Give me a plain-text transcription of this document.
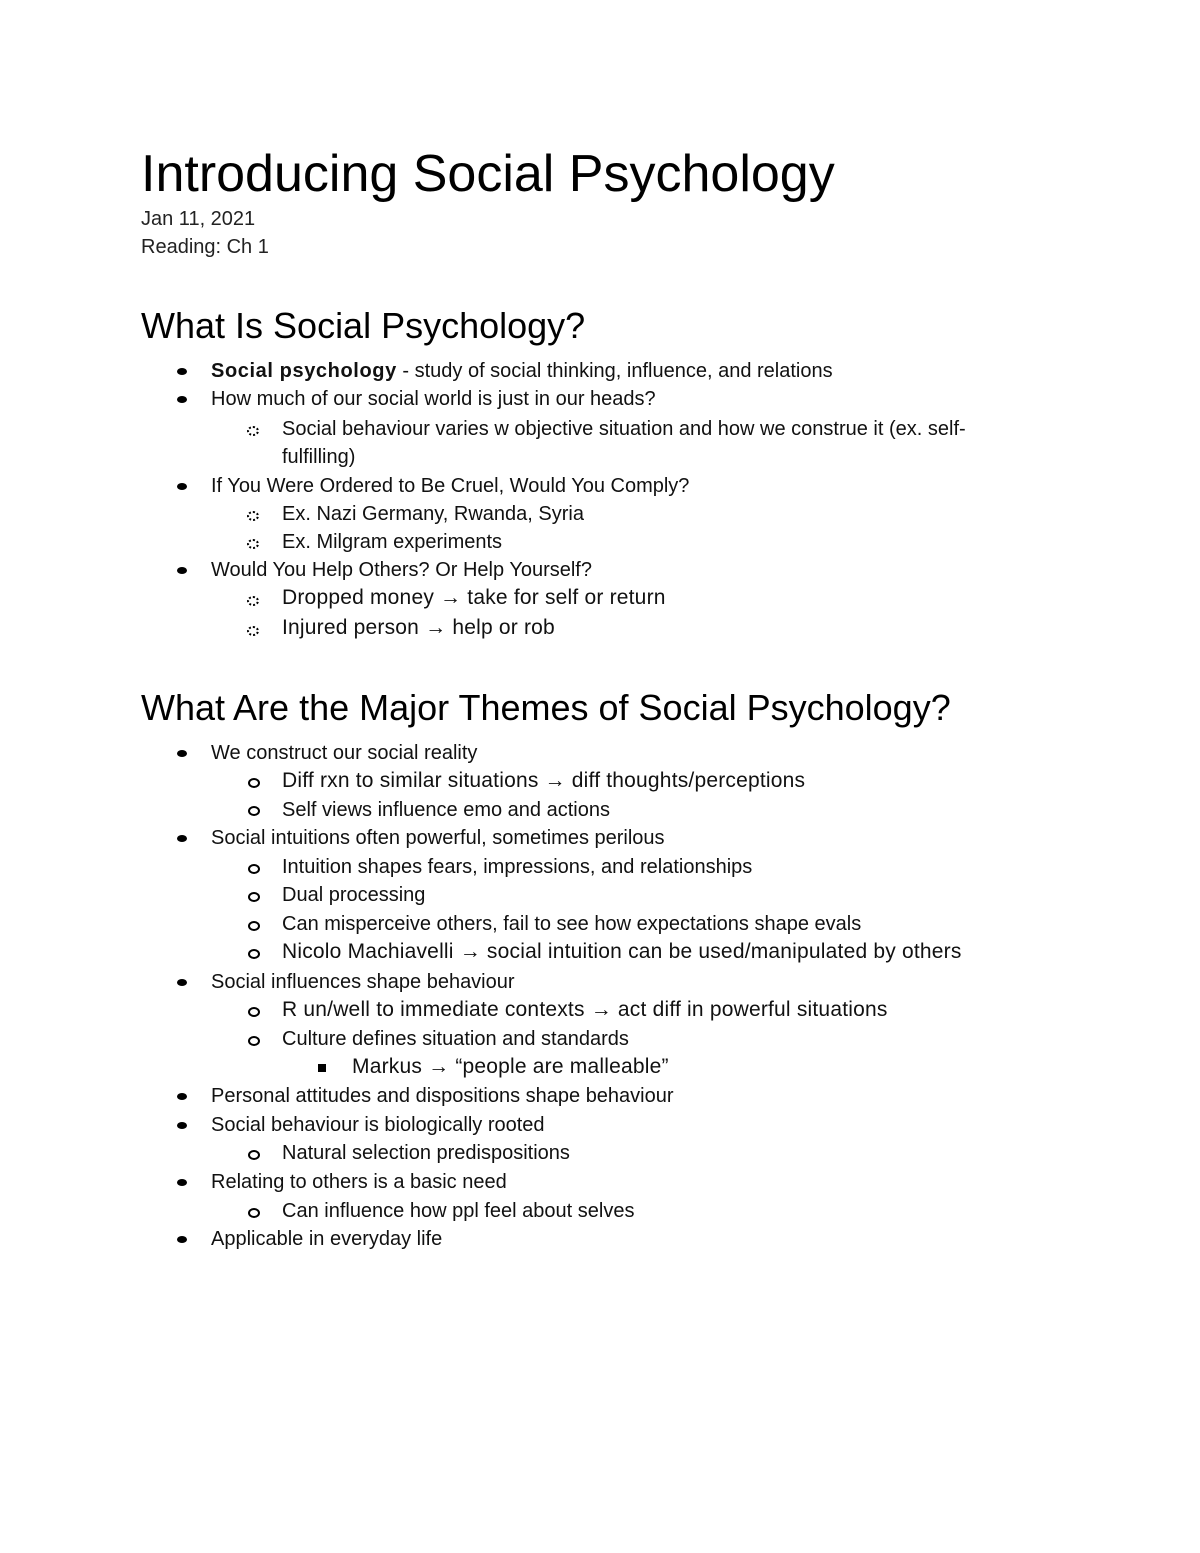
Introducing Social Psychology

Jan 11, 2021

Reading: Ch 1

What Is Social Psychology?
Social psychology - study of social thinking, influence, and relations
How much of our social world is just in our heads?
Social behaviour varies w objective situation and how we construe it (ex. self-
fulfilling)
If You Were Ordered to Be Cruel, Would You Comply?
Ex. Nazi Germany, Rwanda, Syria
Ex. Milgram experiments
Would You Help Others? Or Help Yourself?
Dropped money → take for self or return
Injured person → help or rob
What Are the Major Themes of Social Psychology?
We construct our social reality
Diff rxn to similar situations → diff thoughts/perceptions
Self views influence emo and actions
Social intuitions often powerful, sometimes perilous
Intuition shapes fears, impressions, and relationships
Dual processing
Can misperceive others, fail to see how expectations shape evals
Nicolo Machiavelli → social intuition can be used/manipulated by others
Social influences shape behaviour
R un/well to immediate contexts → act diff in powerful situations
Culture defines situation and standards
Markus → “people are malleable”
Personal attitudes and dispositions shape behaviour
Social behaviour is biologically rooted
Natural selection predispositions
Relating to others is a basic need
Can influence how ppl feel about selves
Applicable in everyday life
